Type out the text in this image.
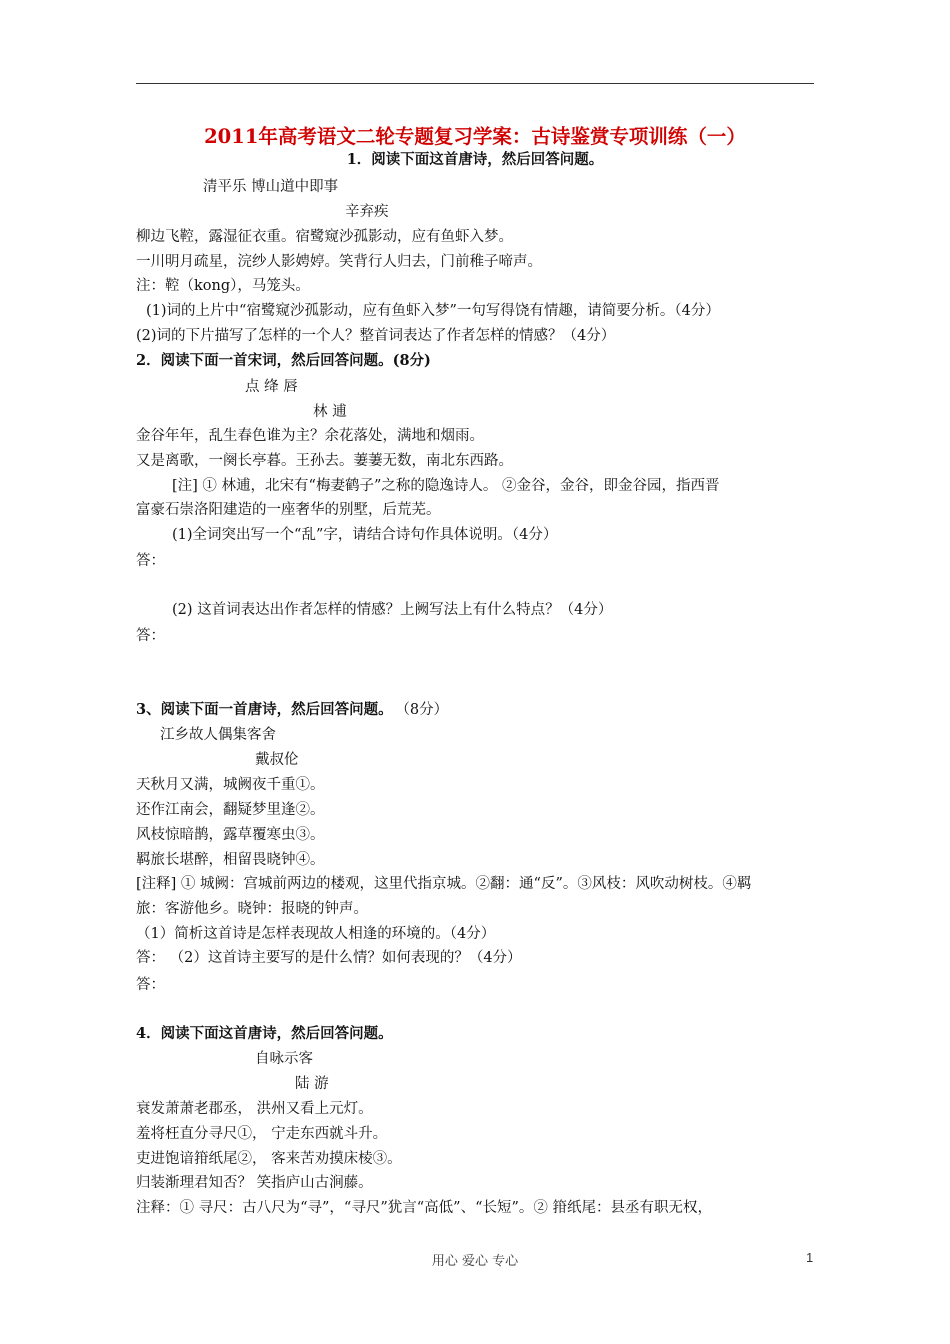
2011年高考语文二轮专题复习学案：古诗鉴赏专项训练（一）
1．阅读下面这首唐诗，然后回答问题。
清平乐 博山道中即事
辛弃疾
柳边飞鞚，露湿征衣重。宿鹭窥沙孤影动，应有鱼虾入梦。
一川明月疏星，浣纱人影娉婷。笑背行人归去，门前稚子啼声。
注：鞚（kong），马笼头。
(1)词的上片中“宿鹭窥沙孤影动，应有鱼虾入梦”一句写得饶有情趣，请简要分析。（4分）
(2)词的下片描写了怎样的一个人？整首词表达了作者怎样的情感？（4分）
2．阅读下面一首宋词，然后回答问题。(8分)
点 绛 唇
林 逋
金谷年年，乱生春色谁为主？余花落处，满地和烟雨。
又是离歌，一阕长亭暮。王孙去。萋萋无数，南北东西路。
[注] ① 林逋，北宋有“梅妻鹤子”之称的隐逸诗人。 ②金谷，金谷，即金谷园，指西晋
富豪石崇洛阳建造的一座奢华的别墅，后荒芜。
(1)全词突出写一个“乱”字，请结合诗句作具体说明。（4分）
答：
(2) 这首词表达出作者怎样的情感？上阙写法上有什么特点？（4分）
答：
3、阅读下面一首唐诗，然后回答问题。 （8分）
江乡故人偶集客舍
戴叔伦
天秋月又满，城阙夜千重①。
还作江南会，翻疑梦里逢②。
风枝惊暗鹊，露草覆寒虫③。
羁旅长堪醉，相留畏晓钟④。
[注释] ① 城阙：宫城前两边的楼观，这里代指京城。②翻：通“反”。③风枝：风吹动树枝。④羁
旅：客游他乡。晓钟：报晓的钟声。
（1）简析这首诗是怎样表现故人相逢的环境的。（4分）
答： （2）这首诗主要写的是什么情？如何表现的？（4分）
答：
4．阅读下面这首唐诗，然后回答问题。
自咏示客
陆 游
衰发萧萧老郡丞， 洪州又看上元灯。
羞将枉直分寻尺①， 宁走东西就斗升。
吏进饱谙箝纸尾②， 客来苦劝摸床棱③。
归装渐理君知否？ 笑指庐山古涧藤。
注释：① 寻尺：古八尺为“寻”，“寻尺”犹言“高低”、“长短”。② 箝纸尾：县丞有职无权，
用心 爱心 专心	1
